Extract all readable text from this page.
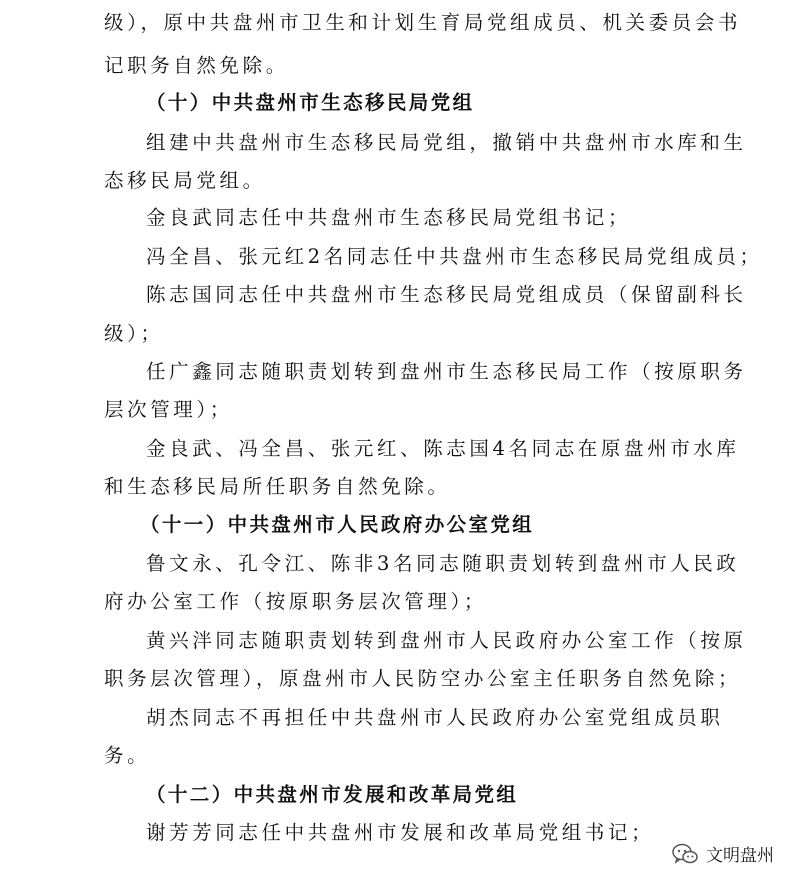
级），原中共盘州市卫生和计划生育局党组成员、机关委员会书
记职务自然免除。
（十）中共盘州市生态移民局党组
组建中共盘州市生态移民局党组，撤销中共盘州市水库和生
态移民局党组。
金良武同志任中共盘州市生态移民局党组书记；
冯全昌、张元红2名同志任中共盘州市生态移民局党组成员；
陈志国同志任中共盘州市生态移民局党组成员（保留副科长
级）；
任广鑫同志随职责划转到盘州市生态移民局工作（按原职务
层次管理）；
金良武、冯全昌、张元红、陈志国4名同志在原盘州市水库
和生态移民局所任职务自然免除。
（十一）中共盘州市人民政府办公室党组
鲁文永、孔令江、陈非3名同志随职责划转到盘州市人民政
府办公室工作（按原职务层次管理）；
黄兴泮同志随职责划转到盘州市人民政府办公室工作（按原
职务层次管理），原盘州市人民防空办公室主任职务自然免除；
胡杰同志不再担任中共盘州市人民政府办公室党组成员职
务。
（十二）中共盘州市发展和改革局党组
谢芳芳同志任中共盘州市发展和改革局党组书记；
文明盘州
